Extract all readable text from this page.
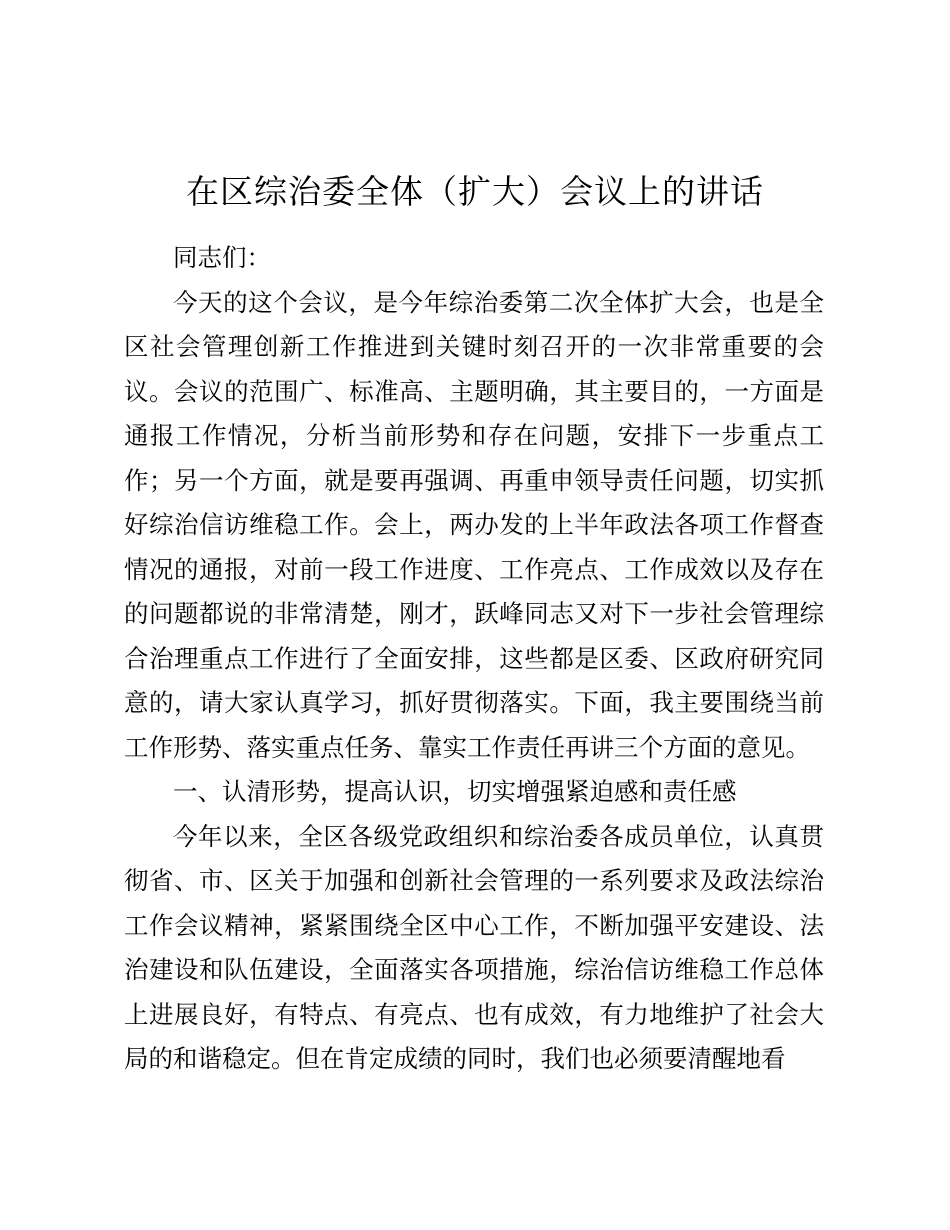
在区综治委全体（扩大）会议上的讲话

同志们：

今天的这个会议，是今年综治委第二次全体扩大会，也是全区社会管理创新工作推进到关键时刻召开的一次非常重要的会议。会议的范围广、标准高、主题明确，其主要目的，一方面是通报工作情况，分析当前形势和存在问题，安排下一步重点工作；另一个方面，就是要再强调、再重申领导责任问题，切实抓好综治信访维稳工作。会上，两办发的上半年政法各项工作督查情况的通报，对前一段工作进度、工作亮点、工作成效以及存在的问题都说的非常清楚，刚才，跃峰同志又对下一步社会管理综合治理重点工作进行了全面安排，这些都是区委、区政府研究同意的，请大家认真学习，抓好贯彻落实。下面，我主要围绕当前工作形势、落实重点任务、靠实工作责任再讲三个方面的意见。

一、认清形势，提高认识，切实增强紧迫感和责任感

今年以来，全区各级党政组织和综治委各成员单位，认真贯彻省、市、区关于加强和创新社会管理的一系列要求及政法综治工作会议精神，紧紧围绕全区中心工作，不断加强平安建设、法治建设和队伍建设，全面落实各项措施，综治信访维稳工作总体上进展良好，有特点、有亮点、也有成效，有力地维护了社会大局的和谐稳定。但在肯定成绩的同时，我们也必须要清醒地看
